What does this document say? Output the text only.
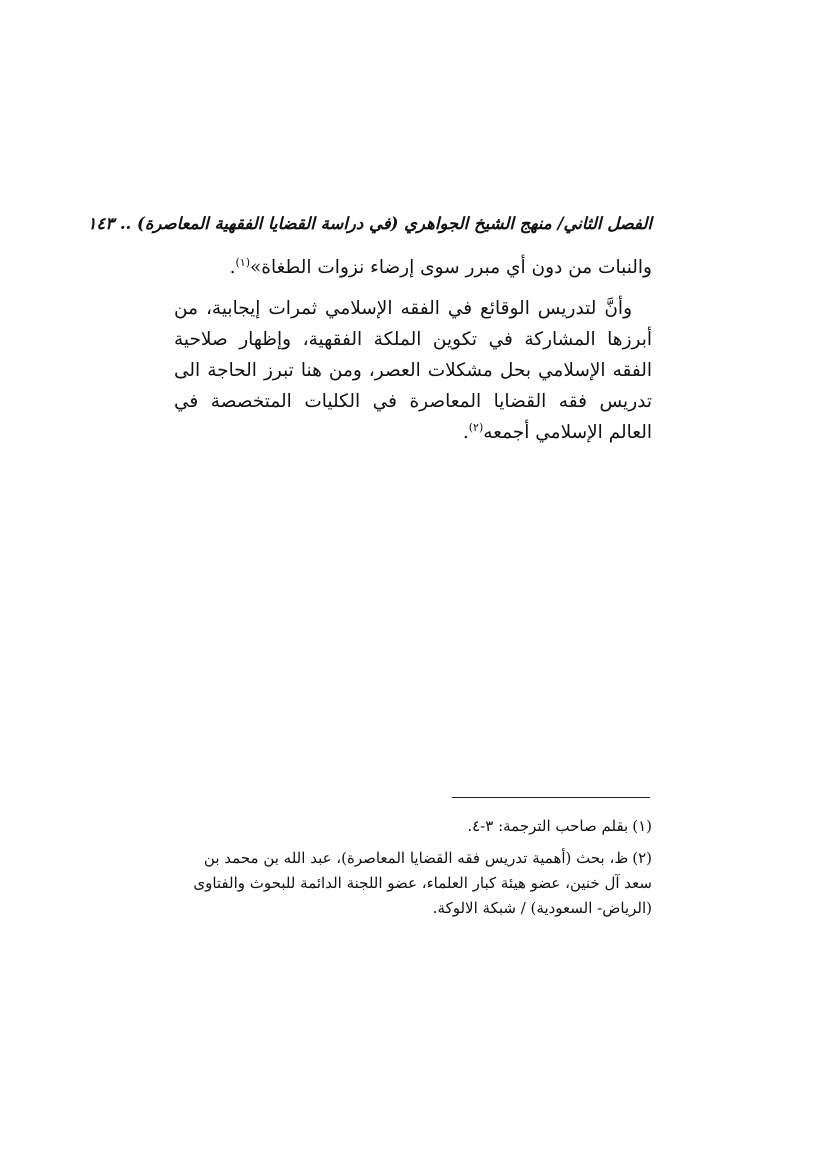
الفصل الثاني/ منهج الشيخ الجواهري (في دراسة القضايا الفقهية المعاصرة) .. ١٤٣

والنبات من دون أي مبرر سوى إرضاء نزوات الطغاة»$^{(١)}$.

وأنَّ لتدريس الوقائع في الفقه الإسلامي ثمرات إيجابية، من أبرزها المشاركة في تكوين الملكة الفقهية، وإظهار صلاحية الفقه الإسلامي بحل مشكلات العصر، ومن هنا تبرز الحاجة الى تدريس فقه القضايا المعاصرة في الكليات المتخصصة في العالم الإسلامي أجمعه$^{(٢)}$.

(١)بقلم صاحب الترجمة: ٣-٤.

(٢)ظ، بحث (أهمية تدريس فقه القضايا المعاصرة)، عبد الله بن محمد بن سعد آل خنين، عضو هيئة كبار العلماء، عضو اللجنة الدائمة للبحوث والفتاوى (الرياض- السعودية) / شبكة الالوكة.
